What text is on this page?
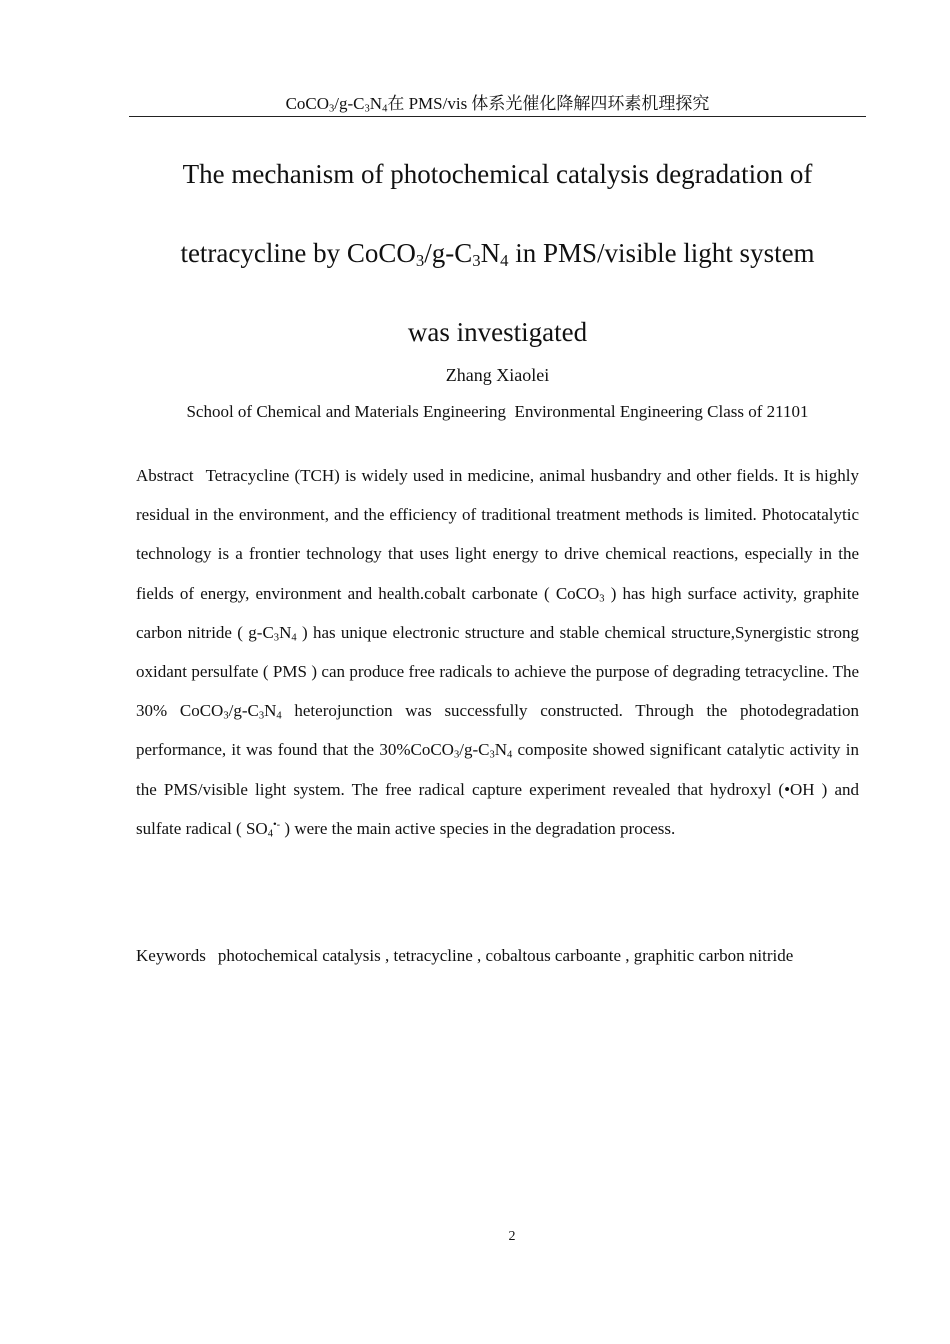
$CoCO_3/g-C_3N_4$在 PMS/vis 体系光催化降解四环素机理探究
The mechanism of photochemical catalysis degradation of
tetracycline by $CoCO_3/g-C_3N_4$ in PMS/visible light system
was investigated
Zhang Xiaolei
School of Chemical and Materials Engineering  Environmental Engineering Class of 21101
Abstract Tetracycline (TCH) is widely used in medicine, animal husbandry and other fields. It is highly residual in the environment, and the efficiency of traditional treatment methods is limited. Photocatalytic technology is a frontier technology that uses light energy to drive chemical reactions, especially in the fields of energy, environment and health.cobalt carbonate ( CoCO$_3$ ) has high surface activity, graphite carbon nitride ( $g-C_3N_4$ ) has unique electronic structure and stable chemical structure,Synergistic strong oxidant persulfate ( PMS ) can produce free radicals to achieve the purpose of degrading tetracycline. The 30% $CoCO_3/g-C_3N_4$ heterojunction was successfully constructed. Through the photodegradation performance, it was found that the $30\%CoCO_3/g-C_3N_4$ composite showed significant catalytic activity in the PMS/visible light system. The free radical capture experiment revealed that hydroxyl (•OH ) and sulfate radical ( $SO_4^{•-}$ ) were the main active species in the degradation process.
Keywords photochemical catalysis , tetracycline , cobaltous carboante , graphitic carbon nitride
2
